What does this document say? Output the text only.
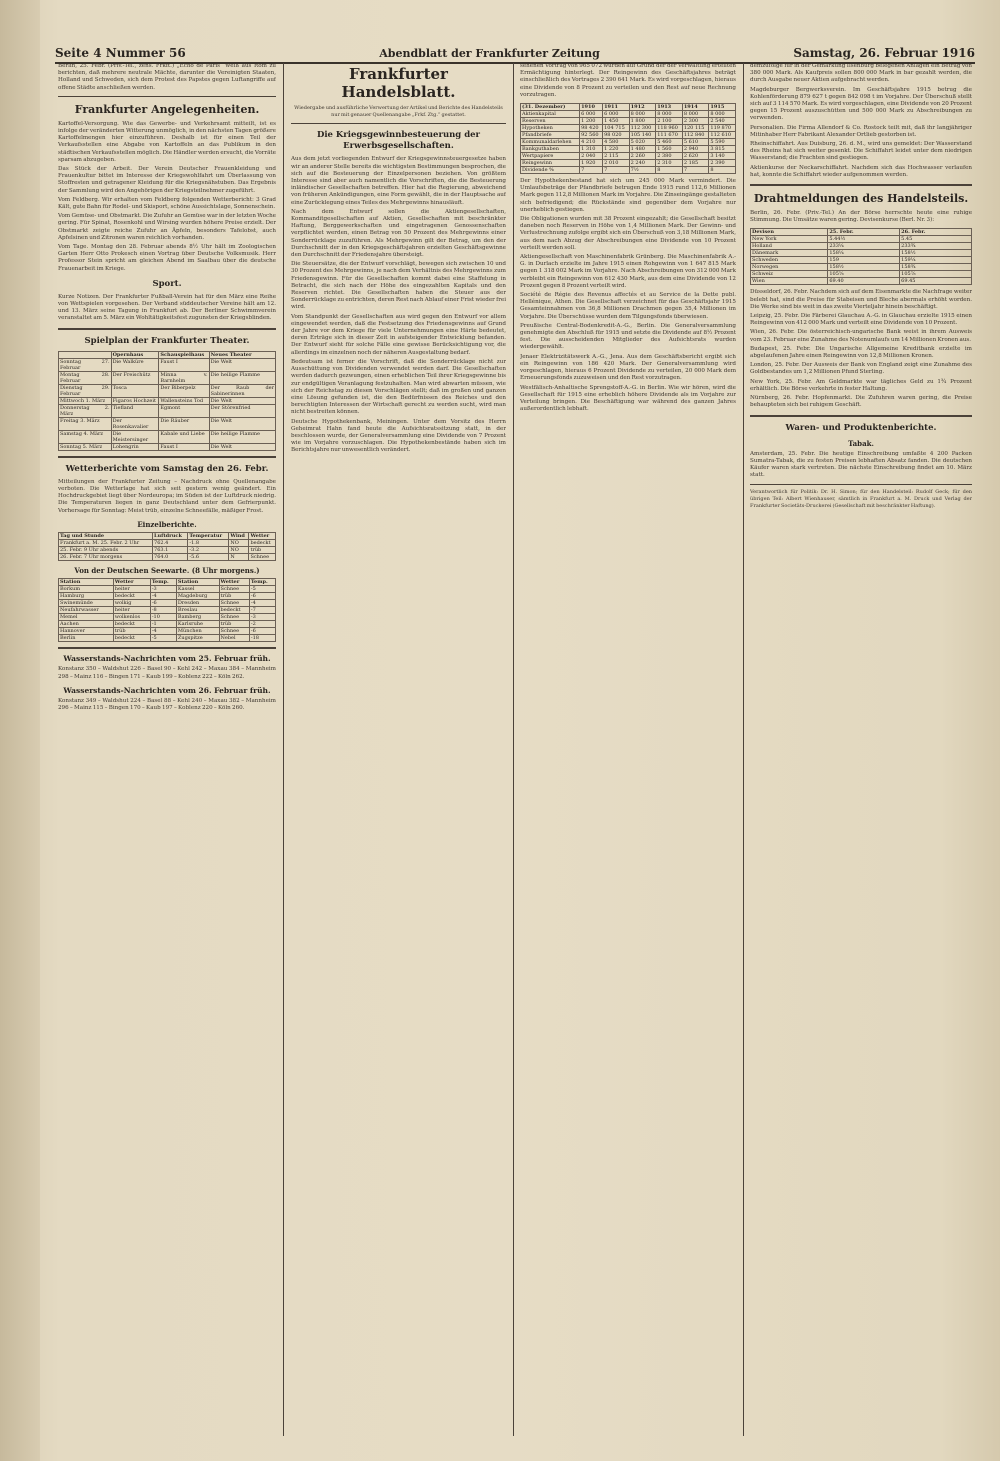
Seite 4 Nummer 56	Abendblatt der Frankfurter Zeitung	Samstag, 26. Februar 1916

Berlin, 25. Febr. (Priv.-Tel., zens. Frkft.) „Echo de Paris“ weiß aus Rom zu berichten, daß mehrere neutrale Mächte, darunter die Vereinigten Staaten, Holland und Schweden, sich dem Protest des Papstes gegen Luftangriffe auf offene Städte anschließen werden.

Frankfurter Angelegenheiten.

Kartoffel-Versorgung. Wie das Gewerbe- und Verkehrsamt mitteilt, ist es infolge der veränderten Witterung unmöglich, in den nächsten Tagen größere Kartoffelmengen hier einzuführen. Deshalb ist für einen Teil der Verkaufsstellen eine Abgabe von Kartoffeln an das Publikum in den städtischen Verkaufsstellen möglich. Die Händler werden ersucht, die Vorräte sparsam abzugeben.

Das Stück der Arbeit. Der Verein Deutscher Frauenkleidung und Frauenkultur bittet im Interesse der Kriegswohlfahrt um Überlassung von Stoffresten und getragener Kleidung für die Kriegsnähstuben. Das Ergebnis der Sammlung wird den Angehörigen der Kriegsteilnehmer zugeführt.

Vom Feldberg. Wir erhalten vom Feldberg folgenden Wetterbericht: 3 Grad Kält, gute Bahn für Rodel- und Skisport, schöne Aussichtslage, Sonnenschein.

Vom Gemüse- und Obstmarkt. Die Zufuhr an Gemüse war in der letzten Woche gering. Für Spinat, Rosenkohl und Wirsing wurden höhere Preise erzielt. Der Obstmarkt zeigte reiche Zufuhr an Äpfeln, besonders Tafelobst, auch Apfelsinen und Zitronen waren reichlich vorhanden.

Vom Tage. Montag den 28. Februar abends 8½ Uhr hält im Zoologischen Garten Herr Otto Prokesch einen Vortrag über Deutsche Volksmusik. Herr Professor Stein spricht am gleichen Abend im Saalbau über die deutsche Frauenarbeit im Kriege.

Sport.

Kurze Notizen. Der Frankfurter Fußball-Verein hat für den März eine Reihe von Wettspielen vorgesehen. Der Verband süddeutscher Vereine hält am 12. und 13. März seine Tagung in Frankfurt ab. Der Berliner Schwimmverein veranstaltet am 5. März ein Wohltätigkeitsfest zugunsten der Kriegsblinden.

Spielplan der Frankfurter Theater.
	Opernhaus	Schauspielhaus	Neues Theater
Sonntag 27. Februar	Die Walküre	Faust I	Die Welt
Montag 28. Februar	Der Freischütz	Minna v. Barnhelm	Die heilige Flamme
Dienstag 29. Februar	Tosca	Der Biberpelz	Der Raub der Sabinerinnen
Mittwoch 1. März	Figaros Hochzeit	Wallensteins Tod	Die Welt
Donnerstag 2. März	Tiefland	Egmont	Der Störenfried
Freitag 3. März	Der Rosenkavalier	Die Räuber	Die Welt
Samstag 4. März	Die Meistersinger	Kabale und Liebe	Die heilige Flamme
Sonntag 5. März	Lohengrin	Faust I	Die Welt
Wetterberichte vom Samstag den 26. Febr.

Mitteilungen der Frankfurter Zeitung – Nachdruck ohne Quellenangabe verboten. Die Wetterlage hat sich seit gestern wenig geändert. Ein Hochdruckgebiet liegt über Nordeuropa; im Süden ist der Luftdruck niedrig. Die Temperaturen liegen in ganz Deutschland unter dem Gefrierpunkt. Vorhersage für Sonntag: Meist trüb, einzelne Schneefälle, mäßiger Frost.

Einzelberichte.
Tag und Stunde	Luftdruck	Temperatur	Wind	Wetter
Frankfurt a. M. 25. Febr. 2 Uhr	762.4	-1.8	NO	bedeckt
25. Febr. 9 Uhr abends	763.1	-3.2	NO	trüb
26. Febr. 7 Uhr morgens	764.0	-5.6	N	Schnee
Von der Deutschen Seewarte. (8 Uhr morgens.)
Station	Wetter	Temp.	Station	Wetter	Temp.
Borkum	heiter	-3	Kassel	Schnee	-5
Hamburg	bedeckt	-4	Magdeburg	trüb	-6
Swinemünde	wolkig	-6	Dresden	Schnee	-4
Neufahrwasser	heiter	-8	Breslau	bedeckt	-7
Memel	wolkenlos	-10	Bamberg	Schnee	-3
Aachen	bedeckt	-1	Karlsruhe	trüb	-2
Hannover	trüb	-4	München	Schnee	-6
Berlin	bedeckt	-5	Zugspitze	Nebel	-18
Wasserstands-Nachrichten vom 25. Februar früh.

Konstanz 350 – Waldshut 226 – Basel 90 – Kehl 242 – Maxau 384 – Mannheim 298 – Mainz 116 – Bingen 171 – Kaub 199 – Koblenz 222 – Köln 262.

Wasserstands-Nachrichten vom 26. Februar früh.

Konstanz 349 – Waldshut 224 – Basel 88 – Kehl 240 – Maxau 382 – Mannheim 296 – Mainz 115 – Bingen 170 – Kaub 197 – Koblenz 220 – Köln 260.

Frankfurter Handelsblatt.

Wiedergabe und ausführliche Verwertung der Artikel und Berichte des Handelsteils nur mit genauer Quellenangabe „Frkf. Ztg.“ gestattet.

Die Kriegsgewinnbesteuerung der Erwerbsgesellschaften.

Aus dem jetzt vorliegenden Entwurf der Kriegsgewinnsteuergesetze haben wir an anderer Stelle bereits die wichtigsten Bestimmungen besprochen, die sich auf die Besteuerung der Einzelpersonen beziehen. Von größtem Interesse sind aber auch namentlich die Vorschriften, die die Besteuerung inländischer Gesellschaften betreffen. Hier hat die Regierung, abweichend von früheren Ankündigungen, eine Form gewählt, die in der Hauptsache auf eine Zurücklegung eines Teiles des Mehrgewinns hinausläuft.

Nach dem Entwurf sollen die Aktiengesellschaften, Kommanditgesellschaften auf Aktien, Gesellschaften mit beschränkter Haftung, Berggewerkschaften und eingetragenen Genossenschaften verpflichtet werden, einen Betrag von 50 Prozent des Mehrgewinns einer Sonderrücklage zuzuführen. Als Mehrgewinn gilt der Betrag, um den der Durchschnitt der in den Kriegsgeschäftsjahren erzielten Geschäftsgewinne den Durchschnitt der Friedensjahre übersteigt.

Die Steuersätze, die der Entwurf vorschlägt, bewegen sich zwischen 10 und 30 Prozent des Mehrgewinns, je nach dem Verhältnis des Mehrgewinns zum Friedensgewinn. Für die Gesellschaften kommt dabei eine Staffelung in Betracht, die sich nach der Höhe des eingezahlten Kapitals und den Reserven richtet. Die Gesellschaften haben die Steuer aus der Sonderrücklage zu entrichten, deren Rest nach Ablauf einer Frist wieder frei wird.

Vom Standpunkt der Gesellschaften aus wird gegen den Entwurf vor allem eingewendet werden, daß die Festsetzung des Friedensgewinns auf Grund der Jahre vor dem Kriege für viele Unternehmungen eine Härte bedeutet, deren Erträge sich in dieser Zeit in aufsteigender Entwicklung befanden. Der Entwurf sieht für solche Fälle eine gewisse Berücksichtigung vor, die allerdings im einzelnen noch der näheren Ausgestaltung bedarf.

Bedeutsam ist ferner die Vorschrift, daß die Sonderrücklage nicht zur Ausschüttung von Dividenden verwendet werden darf. Die Gesellschaften werden dadurch gezwungen, einen erheblichen Teil ihrer Kriegsgewinne bis zur endgültigen Veranlagung festzuhalten. Man wird abwarten müssen, wie sich der Reichstag zu diesen Vorschlägen stellt; daß im großen und ganzen eine Lösung gefunden ist, die den Bedürfnissen des Reiches und den berechtigten Interessen der Wirtschaft gerecht zu werden sucht, wird man nicht bestreiten können.

Deutsche Hypothekenbank, Meiningen. Unter dem Vorsitz des Herrn Geheimrat Hahn fand heute die Aufsichtsratssitzung statt, in der beschlossen wurde, der Generalversammlung eine Dividende von 7 Prozent wie im Vorjahre vorzuschlagen. Die Hypothekenbestände haben sich im Berichtsjahre nur unwesentlich verändert.

sehenen Vortrag von 965 072 wurden auf Grund der der Verwaltung erteilten Ermächtigung hinterlegt. Der Reingewinn des Geschäftsjahres beträgt einschließlich des Vortrages 2 390 641 Mark. Es wird vorgeschlagen, hieraus eine Dividende von 8 Prozent zu verteilen und den Rest auf neue Rechnung vorzutragen.

(31. Dezember)	1910	1911	1912	1913	1914	1915
Aktienkapital	6 000	6 000	8 000	8 000	8 000	8 000
Reserven	1 200	1 450	1 800	2 100	2 300	2 540
Hypotheken	98 420	104 715	112 300	118 960	120 115	119 870
Pfandbriefe	92 560	98 020	105 140	111 670	112 840	112 610
Kommunaldarlehen	4 210	4 580	5 020	5 460	5 610	5 590
Bankguthaben	1 310	1 220	1 480	1 560	2 940	3 815
Wertpapiere	2 040	2 115	2 260	2 380	2 620	3 140
Reingewinn	1 920	2 010	2 240	2 310	2 185	2 390
Dividende %	7	7	7½	8	7	8

Der Hypothekenbestand hat sich um 245 000 Mark vermindert. Die Umlaufsbeträge der Pfandbriefe betrugen Ende 1915 rund 112,6 Millionen Mark gegen 112,8 Millionen Mark im Vorjahre. Die Zinseingänge gestalteten sich befriedigend; die Rückstände sind gegenüber dem Vorjahre nur unerheblich gestiegen.

Die Obligationen wurden mit 38 Prozent eingezahlt; die Gesellschaft besitzt daneben noch Reserven in Höhe von 1,4 Millionen Mark. Der Gewinn- und Verlustrechnung zufolge ergibt sich ein Überschuß von 3,18 Millionen Mark, aus dem nach Abzug der Abschreibungen eine Dividende von 10 Prozent verteilt werden soll.

Aktiengesellschaft von Maschinenfabrik Grünberg. Die Maschinenfabrik A.-G. in Durlach erzielte im Jahre 1915 einen Rohgewinn von 1 647 815 Mark gegen 1 318 002 Mark im Vorjahre. Nach Abschreibungen von 312 000 Mark verbleibt ein Reingewinn von 612 430 Mark, aus dem eine Dividende von 12 Prozent gegen 8 Prozent verteilt wird.

Société de Régie des Revenus affectés et au Service de la Dette publ. Hellénique, Athen. Die Gesellschaft verzeichnet für das Geschäftsjahr 1915 Gesamteinnahmen von 36,8 Millionen Drachmen gegen 35,4 Millionen im Vorjahre. Die Überschüsse wurden dem Tilgungsfonds überwiesen.

Preußische Central-Bodenkredit-A.-G., Berlin. Die Generalversammlung genehmigte den Abschluß für 1915 und setzte die Dividende auf 8½ Prozent fest. Die ausscheidenden Mitglieder des Aufsichtsrats wurden wiedergewählt.

Jenaer Elektrizitätswerk A.-G., Jena. Aus dem Geschäftsbericht ergibt sich ein Reingewinn von 186 420 Mark. Der Generalversammlung wird vorgeschlagen, hieraus 6 Prozent Dividende zu verteilen, 20 000 Mark dem Erneuerungsfonds zuzuweisen und den Rest vorzutragen.

Westfälisch-Anhaltische Sprengstoff-A.-G. in Berlin. Wie wir hören, wird die Gesellschaft für 1915 eine erheblich höhere Dividende als im Vorjahre zur Verteilung bringen. Die Beschäftigung war während des ganzen Jahres außerordentlich lebhaft.

demzufolge für in der Gemarkung Ilsenburg belegenen Anlagen ein Betrag von 380 000 Mark. Als Kaufpreis sollen 800 000 Mark in bar gezahlt werden, die durch Ausgabe neuer Aktien aufgebracht werden.

Magdeburger Bergwerksverein. Im Geschäftsjahre 1915 betrug die Kohlenförderung 879 627 t gegen 842 098 t im Vorjahre. Der Überschuß stellt sich auf 3 114 570 Mark. Es wird vorgeschlagen, eine Dividende von 20 Prozent gegen 15 Prozent auszuschütten und 500 000 Mark zu Abschreibungen zu verwenden.

Personalien. Die Firma Allendorf & Co. Rostock teilt mit, daß ihr langjähriger Mitinhaber Herr Fabrikant Alexander Ortlieb gestorben ist.

Rheinschiffahrt. Aus Duisburg, 26. d. M., wird uns gemeldet: Der Wasserstand des Rheins hat sich weiter gesenkt. Die Schiffahrt leidet unter dem niedrigen Wasserstand; die Frachten sind gestiegen.

Aktienkurse der Neckarschiffahrt. Nachdem sich das Hochwasser verlaufen hat, konnte die Schiffahrt wieder aufgenommen werden.

Drahtmeldungen des Handelsteils.

Berlin, 26. Febr. (Priv.-Tel.) An der Börse herrschte heute eine ruhige Stimmung. Die Umsätze waren gering. Devisenkurse (Berl. Nr. 3):

Devisen	25. Febr.	26. Febr.
New York	5.44½	5.45
Holland	233¼	233¾
Dänemark	158¼	158½
Schweden	159	159¼
Norwegen	158½	158¾
Schweiz	105⅝	105⅞
Wien	69.40	69.45

Düsseldorf, 26. Febr. Nachdem sich auf dem Eisenmarkte die Nachfrage weiter belebt hat, sind die Preise für Stabeisen und Bleche abermals erhöht worden. Die Werke sind bis weit in das zweite Vierteljahr hinein beschäftigt.

Leipzig, 25. Febr. Die Färberei Glauchau A.-G. in Glauchau erzielte 1915 einen Reingewinn von 412 000 Mark und verteilt eine Dividende von 10 Prozent.

Wien, 26. Febr. Die österreichisch-ungarische Bank weist in ihrem Ausweis vom 23. Februar eine Zunahme des Notenumlaufs um 14 Millionen Kronen aus.

Budapest, 25. Febr. Die Ungarische Allgemeine Kreditbank erzielte im abgelaufenen Jahre einen Reingewinn von 12,8 Millionen Kronen.

London, 25. Febr. Der Ausweis der Bank von England zeigt eine Zunahme des Goldbestandes um 1,2 Millionen Pfund Sterling.

New York, 25. Febr. Am Geldmarkte war tägliches Geld zu 1¾ Prozent erhältlich. Die Börse verkehrte in fester Haltung.

Nürnberg, 26. Febr. Hopfenmarkt. Die Zufuhren waren gering, die Preise behaupteten sich bei ruhigem Geschäft.

Waren- und Produktenberichte.
Tabak.

Amsterdam, 25. Febr. Die heutige Einschreibung umfaßte 4 200 Packen Sumatra-Tabak, die zu festen Preisen lebhaften Absatz fanden. Die deutschen Käufer waren stark vertreten. Die nächste Einschreibung findet am 10. März statt.

Verantwortlich für Politik: Dr. H. Simon; für den Handelsteil: Rudolf Geck; für den übrigen Teil: Albert Wienhauser, sämtlich in Frankfurt a. M. Druck und Verlag der Frankfurter Societäts-Druckerei (Gesellschaft mit beschränkter Haftung).
